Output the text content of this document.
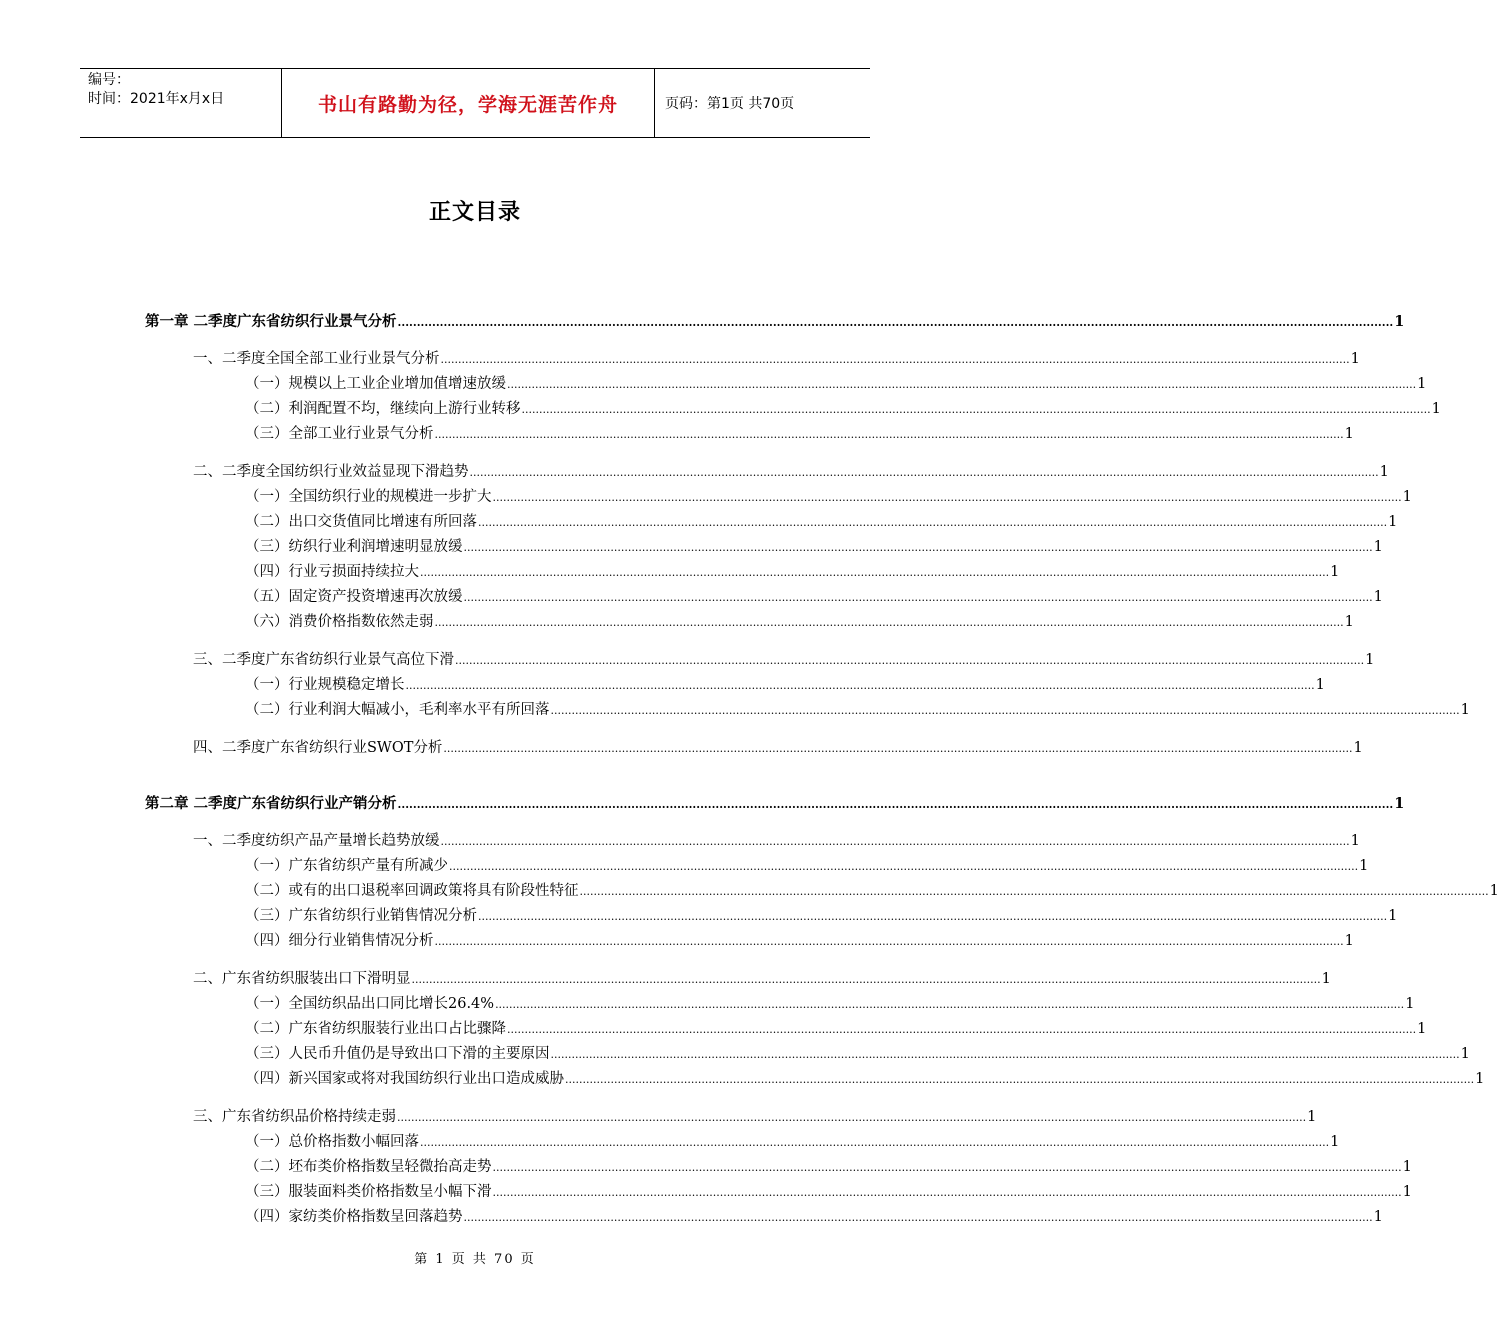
编号：
时间：2021年x月x日	书山有路勤为径，学海无涯苦作舟	页码：第1页 共70页
正文目录
第一章 二季度广东省纺织行业景气分析 .................................................................................................................................................................................................................................................................... 1
一、二季度全国全部工业行业景气分析 .................................................................................................................................................................................................................................................................... 1
（一）规模以上工业企业增加值增速放缓 .................................................................................................................................................................................................................................................................... 1
（二）利润配置不均，继续向上游行业转移 .................................................................................................................................................................................................................................................................... 1
（三）全部工业行业景气分析 .................................................................................................................................................................................................................................................................... 1
二、二季度全国纺织行业效益显现下滑趋势 .................................................................................................................................................................................................................................................................... 1
（一）全国纺织行业的规模进一步扩大 .................................................................................................................................................................................................................................................................... 1
（二）出口交货值同比增速有所回落 .................................................................................................................................................................................................................................................................... 1
（三）纺织行业利润增速明显放缓 .................................................................................................................................................................................................................................................................... 1
（四）行业亏损面持续拉大 .................................................................................................................................................................................................................................................................... 1
（五）固定资产投资增速再次放缓 .................................................................................................................................................................................................................................................................... 1
（六）消费价格指数依然走弱 .................................................................................................................................................................................................................................................................... 1
三、二季度广东省纺织行业景气高位下滑 .................................................................................................................................................................................................................................................................... 1
（一）行业规模稳定增长 .................................................................................................................................................................................................................................................................... 1
（二）行业利润大幅减小，毛利率水平有所回落 .................................................................................................................................................................................................................................................................... 1
四、二季度广东省纺织行业SWOT分析 .................................................................................................................................................................................................................................................................... 1
第二章 二季度广东省纺织行业产销分析 .................................................................................................................................................................................................................................................................... 1
一、二季度纺织产品产量增长趋势放缓 .................................................................................................................................................................................................................................................................... 1
（一）广东省纺织产量有所减少 .................................................................................................................................................................................................................................................................... 1
（二）或有的出口退税率回调政策将具有阶段性特征 .................................................................................................................................................................................................................................................................... 1
（三）广东省纺织行业销售情况分析 .................................................................................................................................................................................................................................................................... 1
（四）细分行业销售情况分析 .................................................................................................................................................................................................................................................................... 1
二、广东省纺织服装出口下滑明显 .................................................................................................................................................................................................................................................................... 1
（一）全国纺织品出口同比增长26.4% .................................................................................................................................................................................................................................................................... 1
（二）广东省纺织服装行业出口占比骤降 .................................................................................................................................................................................................................................................................... 1
（三）人民币升值仍是导致出口下滑的主要原因 .................................................................................................................................................................................................................................................................... 1
（四）新兴国家或将对我国纺织行业出口造成威胁 .................................................................................................................................................................................................................................................................... 1
三、广东省纺织品价格持续走弱 .................................................................................................................................................................................................................................................................... 1
（一）总价格指数小幅回落 .................................................................................................................................................................................................................................................................... 1
（二）坯布类价格指数呈轻微抬高走势 .................................................................................................................................................................................................................................................................... 1
（三）服装面料类价格指数呈小幅下滑 .................................................................................................................................................................................................................................................................... 1
（四）家纺类价格指数呈回落趋势 .................................................................................................................................................................................................................................................................... 1
第 1 页 共 70 页
